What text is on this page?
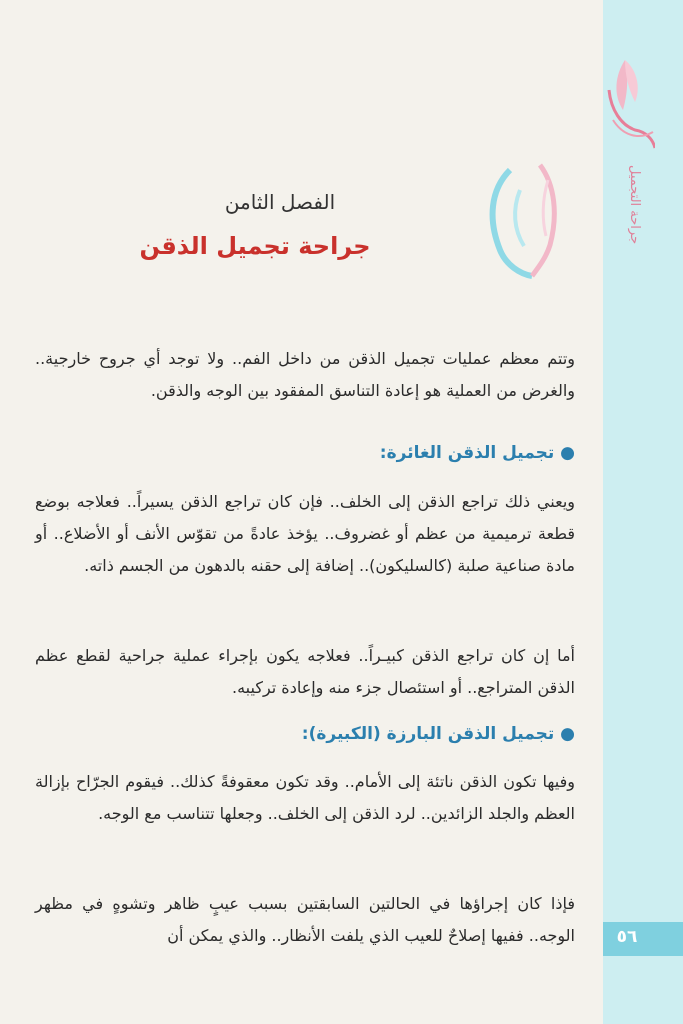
جراحة التجميل
الفصل الثامن
جراحة تجميل الذقن
وتتم معظم عمليات تجميل الذقن من داخل الفم.. ولا توجد أي جروح خارجية.. والغرض من العملية هو إعادة التناسق المفقود بين الوجه والذقن.
● تجميل الذقن الغائرة:
ويعني ذلك تراجع الذقن إلى الخلف.. فإن كان تراجع الذقن يسيراً.. فعلاجه بوضع قطعة ترميمية من عظم أو غضروف.. يؤخذ عادةً من تقوّس الأنف أو الأضلاع.. أو مادة صناعية صلبة (كالسليكون).. إضافة إلى حقنه بالدهون من الجسم ذاته.
أما إن كان تراجع الذقن كبيـراً.. فعلاجه يكون بإجراء عملية جراحية لقطع عظم الذقن المتراجع.. أو استئصال جزء منه وإعادة تركيبه.
● تجميل الذقن البارزة (الكبيرة):
وفيها تكون الذقن ناتئة إلى الأمام.. وقد تكون معقوفةً كذلك.. فيقوم الجرّاح بإزالة العظم والجلد الزائدين.. لرد الذقن إلى الخلف.. وجعلها تتناسب مع الوجه.
فإذا كان إجراؤها في الحالتين السابقتين بسبب عيبٍ ظاهر وتشوهٍ في مظهر الوجه.. ففيها إصلاحٌ للعيب الذي يلفت الأنظار.. والذي يمكن أن	٥٦
